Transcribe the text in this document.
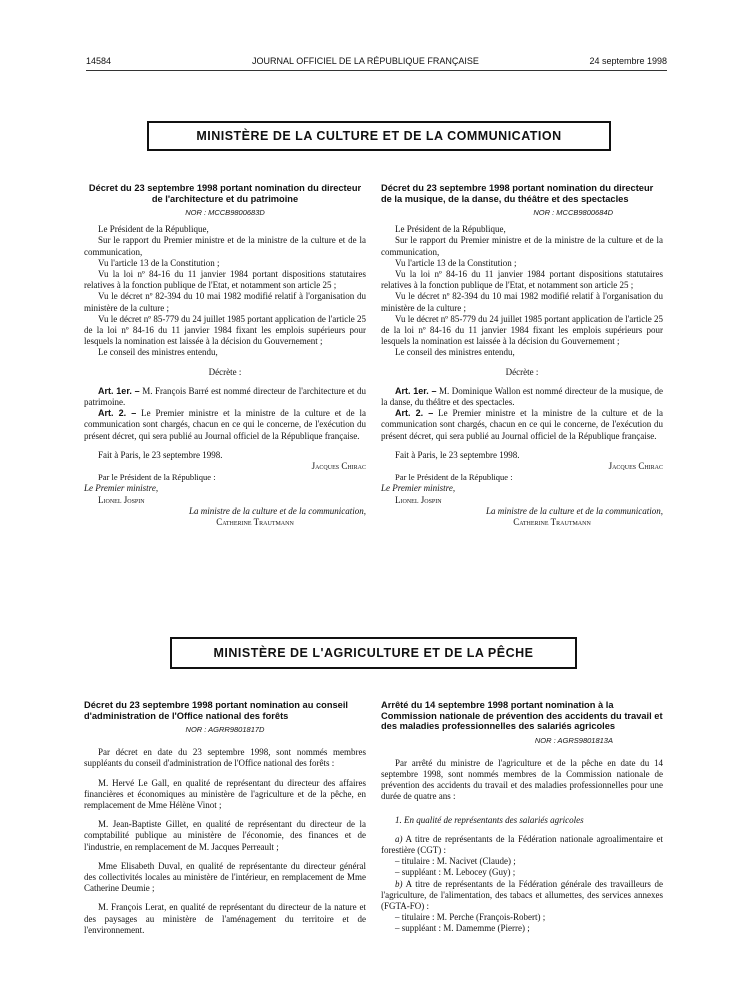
14584	JOURNAL OFFICIEL DE LA RÉPUBLIQUE FRANÇAISE	24 septembre 1998
MINISTÈRE DE LA CULTURE ET DE LA COMMUNICATION

Décret du 23 septembre 1998 portant nomination du directeur de l'architecture et du patrimoine

NOR : MCCB9800683D

Le Président de la République,

Sur le rapport du Premier ministre et de la ministre de la culture et de la communication,

Vu l'article 13 de la Constitution ;

Vu la loi nº 84-16 du 11 janvier 1984 portant dispositions statutaires relatives à la fonction publique de l'Etat, et notamment son article 25 ;

Vu le décret nº 82-394 du 10 mai 1982 modifié relatif à l'organisation du ministère de la culture ;

Vu le décret nº 85-779 du 24 juillet 1985 portant application de l'article 25 de la loi nº 84-16 du 11 janvier 1984 fixant les emplois supérieurs pour lesquels la nomination est laissée à la décision du Gouvernement ;

Le conseil des ministres entendu,

Décrète :

Art. 1er. – M. François Barré est nommé directeur de l'architecture et du patrimoine.

Art. 2. – Le Premier ministre et la ministre de la culture et de la communication sont chargés, chacun en ce qui le concerne, de l'exécution du présent décret, qui sera publié au Journal officiel de la République française.

Fait à Paris, le 23 septembre 1998.

Jacques Chirac

Par le Président de la République :

Le Premier ministre,

Lionel Jospin

La ministre de la culture et de la communication,

Catherine Trautmann

Décret du 23 septembre 1998 portant nomination du directeur de la musique, de la danse, du théâtre et des spectacles

NOR : MCCB9800684D

Le Président de la République,

Sur le rapport du Premier ministre et de la ministre de la culture et de la communication,

Vu l'article 13 de la Constitution ;

Vu la loi nº 84-16 du 11 janvier 1984 portant dispositions statutaires relatives à la fonction publique de l'Etat, et notamment son article 25 ;

Vu le décret nº 82-394 du 10 mai 1982 modifié relatif à l'organisation du ministère de la culture ;

Vu le décret nº 85-779 du 24 juillet 1985 portant application de l'article 25 de la loi nº 84-16 du 11 janvier 1984 fixant les emplois supérieurs pour lesquels la nomination est laissée à la décision du Gouvernement ;

Le conseil des ministres entendu,

Décrète :

Art. 1er. – M. Dominique Wallon est nommé directeur de la musique, de la danse, du théâtre et des spectacles.

Art. 2. – Le Premier ministre et la ministre de la culture et de la communication sont chargés, chacun en ce qui le concerne, de l'exécution du présent décret, qui sera publié au Journal officiel de la République française.

Fait à Paris, le 23 septembre 1998.

Jacques Chirac

Par le Président de la République :

Le Premier ministre,

Lionel Jospin

La ministre de la culture et de la communication,

Catherine Trautmann

MINISTÈRE DE L'AGRICULTURE ET DE LA PÊCHE

Décret du 23 septembre 1998 portant nomination au conseil d'administration de l'Office national des forêts

NOR : AGRR9801817D

Par décret en date du 23 septembre 1998, sont nommés membres suppléants du conseil d'administration de l'Office national des forêts :

M. Hervé Le Gall, en qualité de représentant du directeur des affaires financières et économiques au ministère de l'agriculture et de la pêche, en remplacement de Mme Hélène Vinot ;

M. Jean-Baptiste Gillet, en qualité de représentant du directeur de la comptabilité publique au ministère de l'économie, des finances et de l'industrie, en remplacement de M. Jacques Perreault ;

Mme Elisabeth Duval, en qualité de représentante du directeur général des collectivités locales au ministère de l'intérieur, en remplacement de Mme Catherine Deumie ;

M. François Lerat, en qualité de représentant du directeur de la nature et des paysages au ministère de l'aménagement du territoire et de l'environnement.

Arrêté du 14 septembre 1998 portant nomination à la Commission nationale de prévention des accidents du travail et des maladies professionnelles des salariés agricoles

NOR : AGRS9801813A

Par arrêté du ministre de l'agriculture et de la pêche en date du 14 septembre 1998, sont nommés membres de la Commission nationale de prévention des accidents du travail et des maladies professionnelles pour une durée de quatre ans :

1. En qualité de représentants des salariés agricoles

a) A titre de représentants de la Fédération nationale agroalimentaire et forestière (CGT) :

– titulaire : M. Nacivet (Claude) ;

– suppléant : M. Lebocey (Guy) ;

b) A titre de représentants de la Fédération générale des travailleurs de l'agriculture, de l'alimentation, des tabacs et allumettes, des services annexes (FGTA-FO) :

– titulaire : M. Perche (François-Robert) ;

– suppléant : M. Damemme (Pierre) ;
